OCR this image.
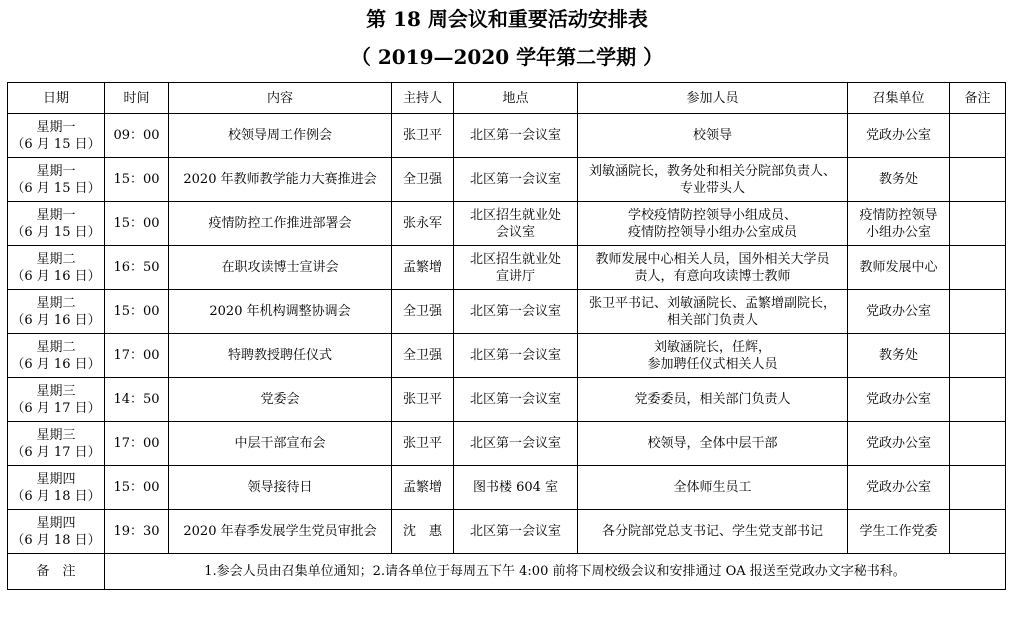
第 18 周会议和重要活动安排表
（ 2019—2020 学年第二学期 ）
日期	时间	内容	主持人	地点	参加人员	召集单位	备注

星期一
（6 月 15 日）	09：00	校领导周工作例会	张卫平	北区第一会议室	校领导	党政办公室	

星期一
（6 月 15 日）	15：00	2020 年教师教学能力大赛推进会	全卫强	北区第一会议室	刘敏涵院长，教务处和相关分院部负责人、
专业带头人	教务处	

星期一
（6 月 15 日）	15：00	疫情防控工作推进部署会	张永军	北区招生就业处
会议室	学校疫情防控领导小组成员、
疫情防控领导小组办公室成员	疫情防控领导
小组办公室	

星期二
（6 月 16 日）	16：50	在职攻读博士宣讲会	孟繁增	北区招生就业处
宣讲厅	教师发展中心相关人员，国外相关大学员
责人，有意向攻读博士教师	教师发展中心	

星期二
（6 月 16 日）	15：00	2020 年机构调整协调会	全卫强	北区第一会议室	张卫平书记、刘敏涵院长、孟繁增副院长，
相关部门负责人	党政办公室	

星期二
（6 月 16 日）	17：00	特聘教授聘任仪式	全卫强	北区第一会议室	刘敏涵院长，任辉，
参加聘任仪式相关人员	教务处	

星期三
（6 月 17 日）	14：50	党委会	张卫平	北区第一会议室	党委委员，相关部门负责人	党政办公室	

星期三
（6 月 17 日）	17：00	中层干部宣布会	张卫平	北区第一会议室	校领导，全体中层干部	党政办公室	

星期四
（6 月 18 日）	15：00	领导接待日	孟繁增	图书楼 604 室	全体师生员工	党政办公室	

星期四
（6 月 18 日）	19：30	2020 年春季发展学生党员审批会	沈　惠	北区第一会议室	各分院部党总支书记、学生党支部书记	学生工作党委	

备　注	1.参会人员由召集单位通知；2.请各单位于每周五下午 4:00 前将下周校级会议和安排通过 OA 报送至党政办文字秘书科。						
